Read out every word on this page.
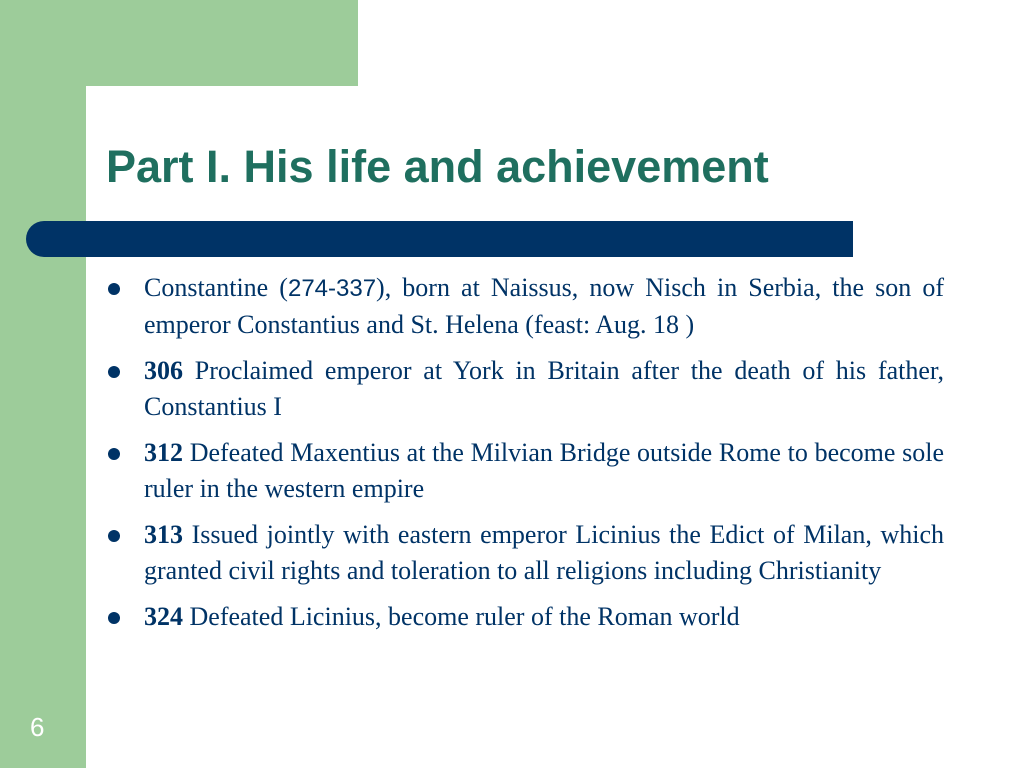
Part I. His life and achievement
Constantine (274-337), born at Naissus, now Nisch in Serbia, the son of emperor Constantius and St. Helena (feast: Aug. 18 )
306 Proclaimed emperor at York in Britain after the death of his father, Constantius I
312 Defeated Maxentius at the Milvian Bridge outside Rome to become sole ruler in the western empire
313 Issued jointly with eastern emperor Licinius the Edict of Milan, which granted civil rights and toleration to all religions including Christianity
324 Defeated Licinius, become ruler of the Roman world
6
